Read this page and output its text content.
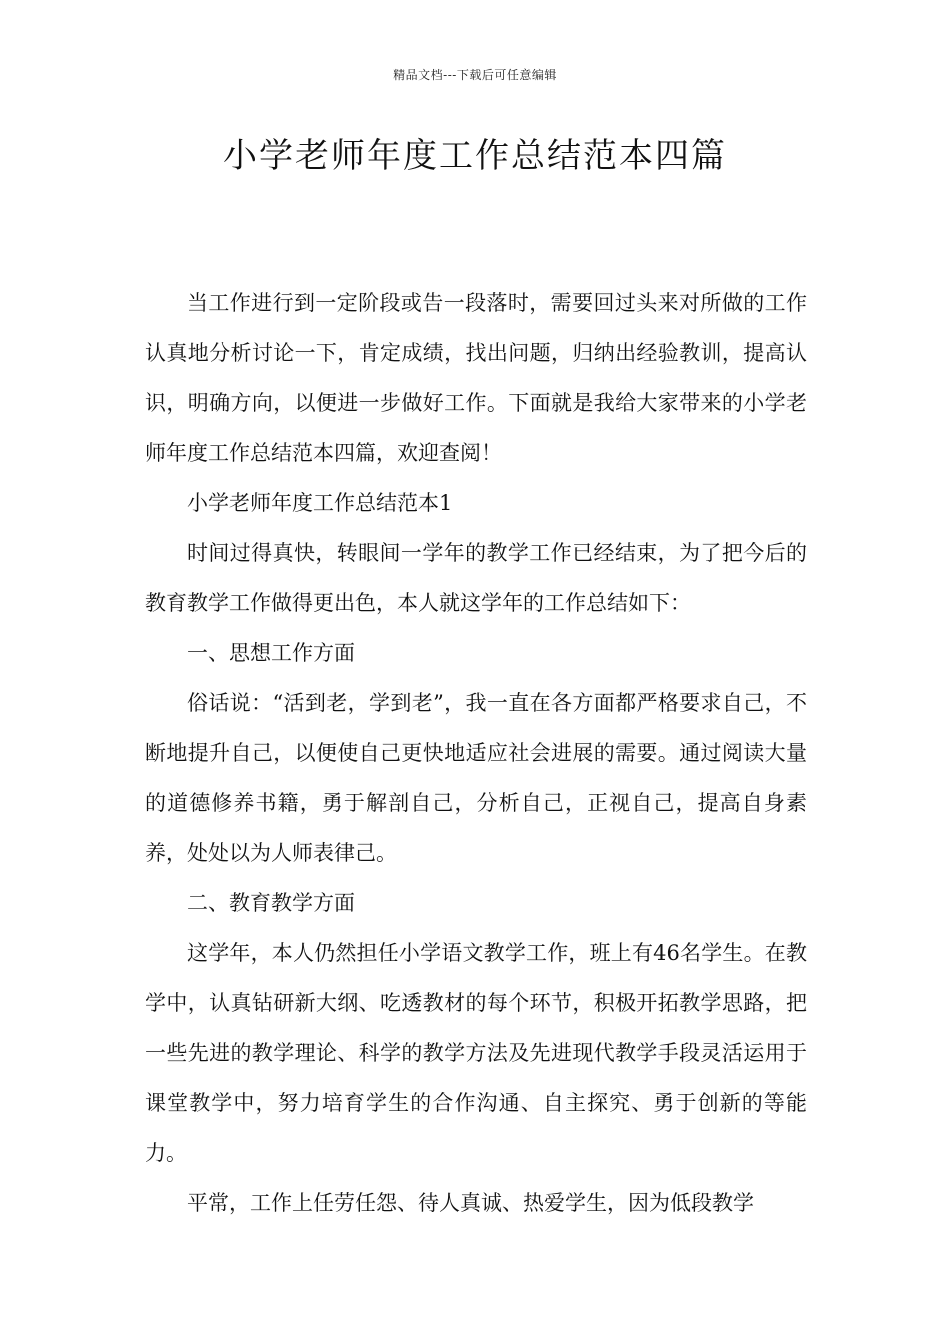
精品文档---下载后可任意编辑
小学老师年度工作总结范本四篇

当工作进行到一定阶段或告一段落时，需要回过头来对所做的工作认真地分析讨论一下，肯定成绩，找出问题，归纳出经验教训，提高认识，明确方向，以便进一步做好工作。下面就是我给大家带来的小学老师年度工作总结范本四篇，欢迎查阅！

小学老师年度工作总结范本1

时间过得真快，转眼间一学年的教学工作已经结束，为了把今后的教育教学工作做得更出色，本人就这学年的工作总结如下：

一、思想工作方面

俗话说：“活到老，学到老”，我一直在各方面都严格要求自己，不断地提升自己，以便使自己更快地适应社会进展的需要。通过阅读大量的道德修养书籍，勇于解剖自己，分析自己，正视自己，提高自身素养，处处以为人师表律己。

二、教育教学方面

这学年，本人仍然担任小学语文教学工作，班上有46名学生。在教学中，认真钻研新大纲、吃透教材的每个环节，积极开拓教学思路，把一些先进的教学理论、科学的教学方法及先进现代教学手段灵活运用于课堂教学中，努力培育学生的合作沟通、自主探究、勇于创新的等能力。

平常，工作上任劳任怨、待人真诚、热爱学生，因为低段教学
